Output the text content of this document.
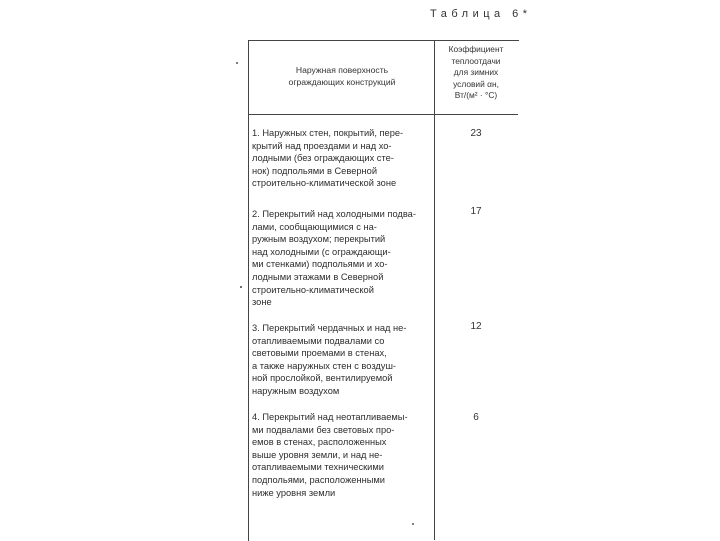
Таблица 6*
Наружная поверхность
ограждающих конструкций
Коэффициент
теплоотдачи
для зимних
условий αн,
Вт/(м² · °С)
1. Наружных стен, покрытий, пере-
крытий над проездами и над хо-
лодными (без ограждающих сте-
нок) подпольями в Северной
строительно-климатической зоне
23
2. Перекрытий над холодными подва-
лами, сообщающимися с на-
ружным воздухом; перекрытий
над холодными (с ограждающи-
ми стенками) подпольями и хо-
лодными этажами в Северной
строительно-климатической
зоне
17
3. Перекрытий чердачных и над не-
отапливаемыми подвалами со
световыми проемами в стенах,
а также наружных стен с воздуш-
ной прослойкой, вентилируемой
наружным воздухом
12
4. Перекрытий над неотапливаемы-
ми подвалами без световых про-
емов в стенах, расположенных
выше уровня земли, и над не-
отапливаемыми техническими
подпольями, расположенными
ниже уровня земли
6
